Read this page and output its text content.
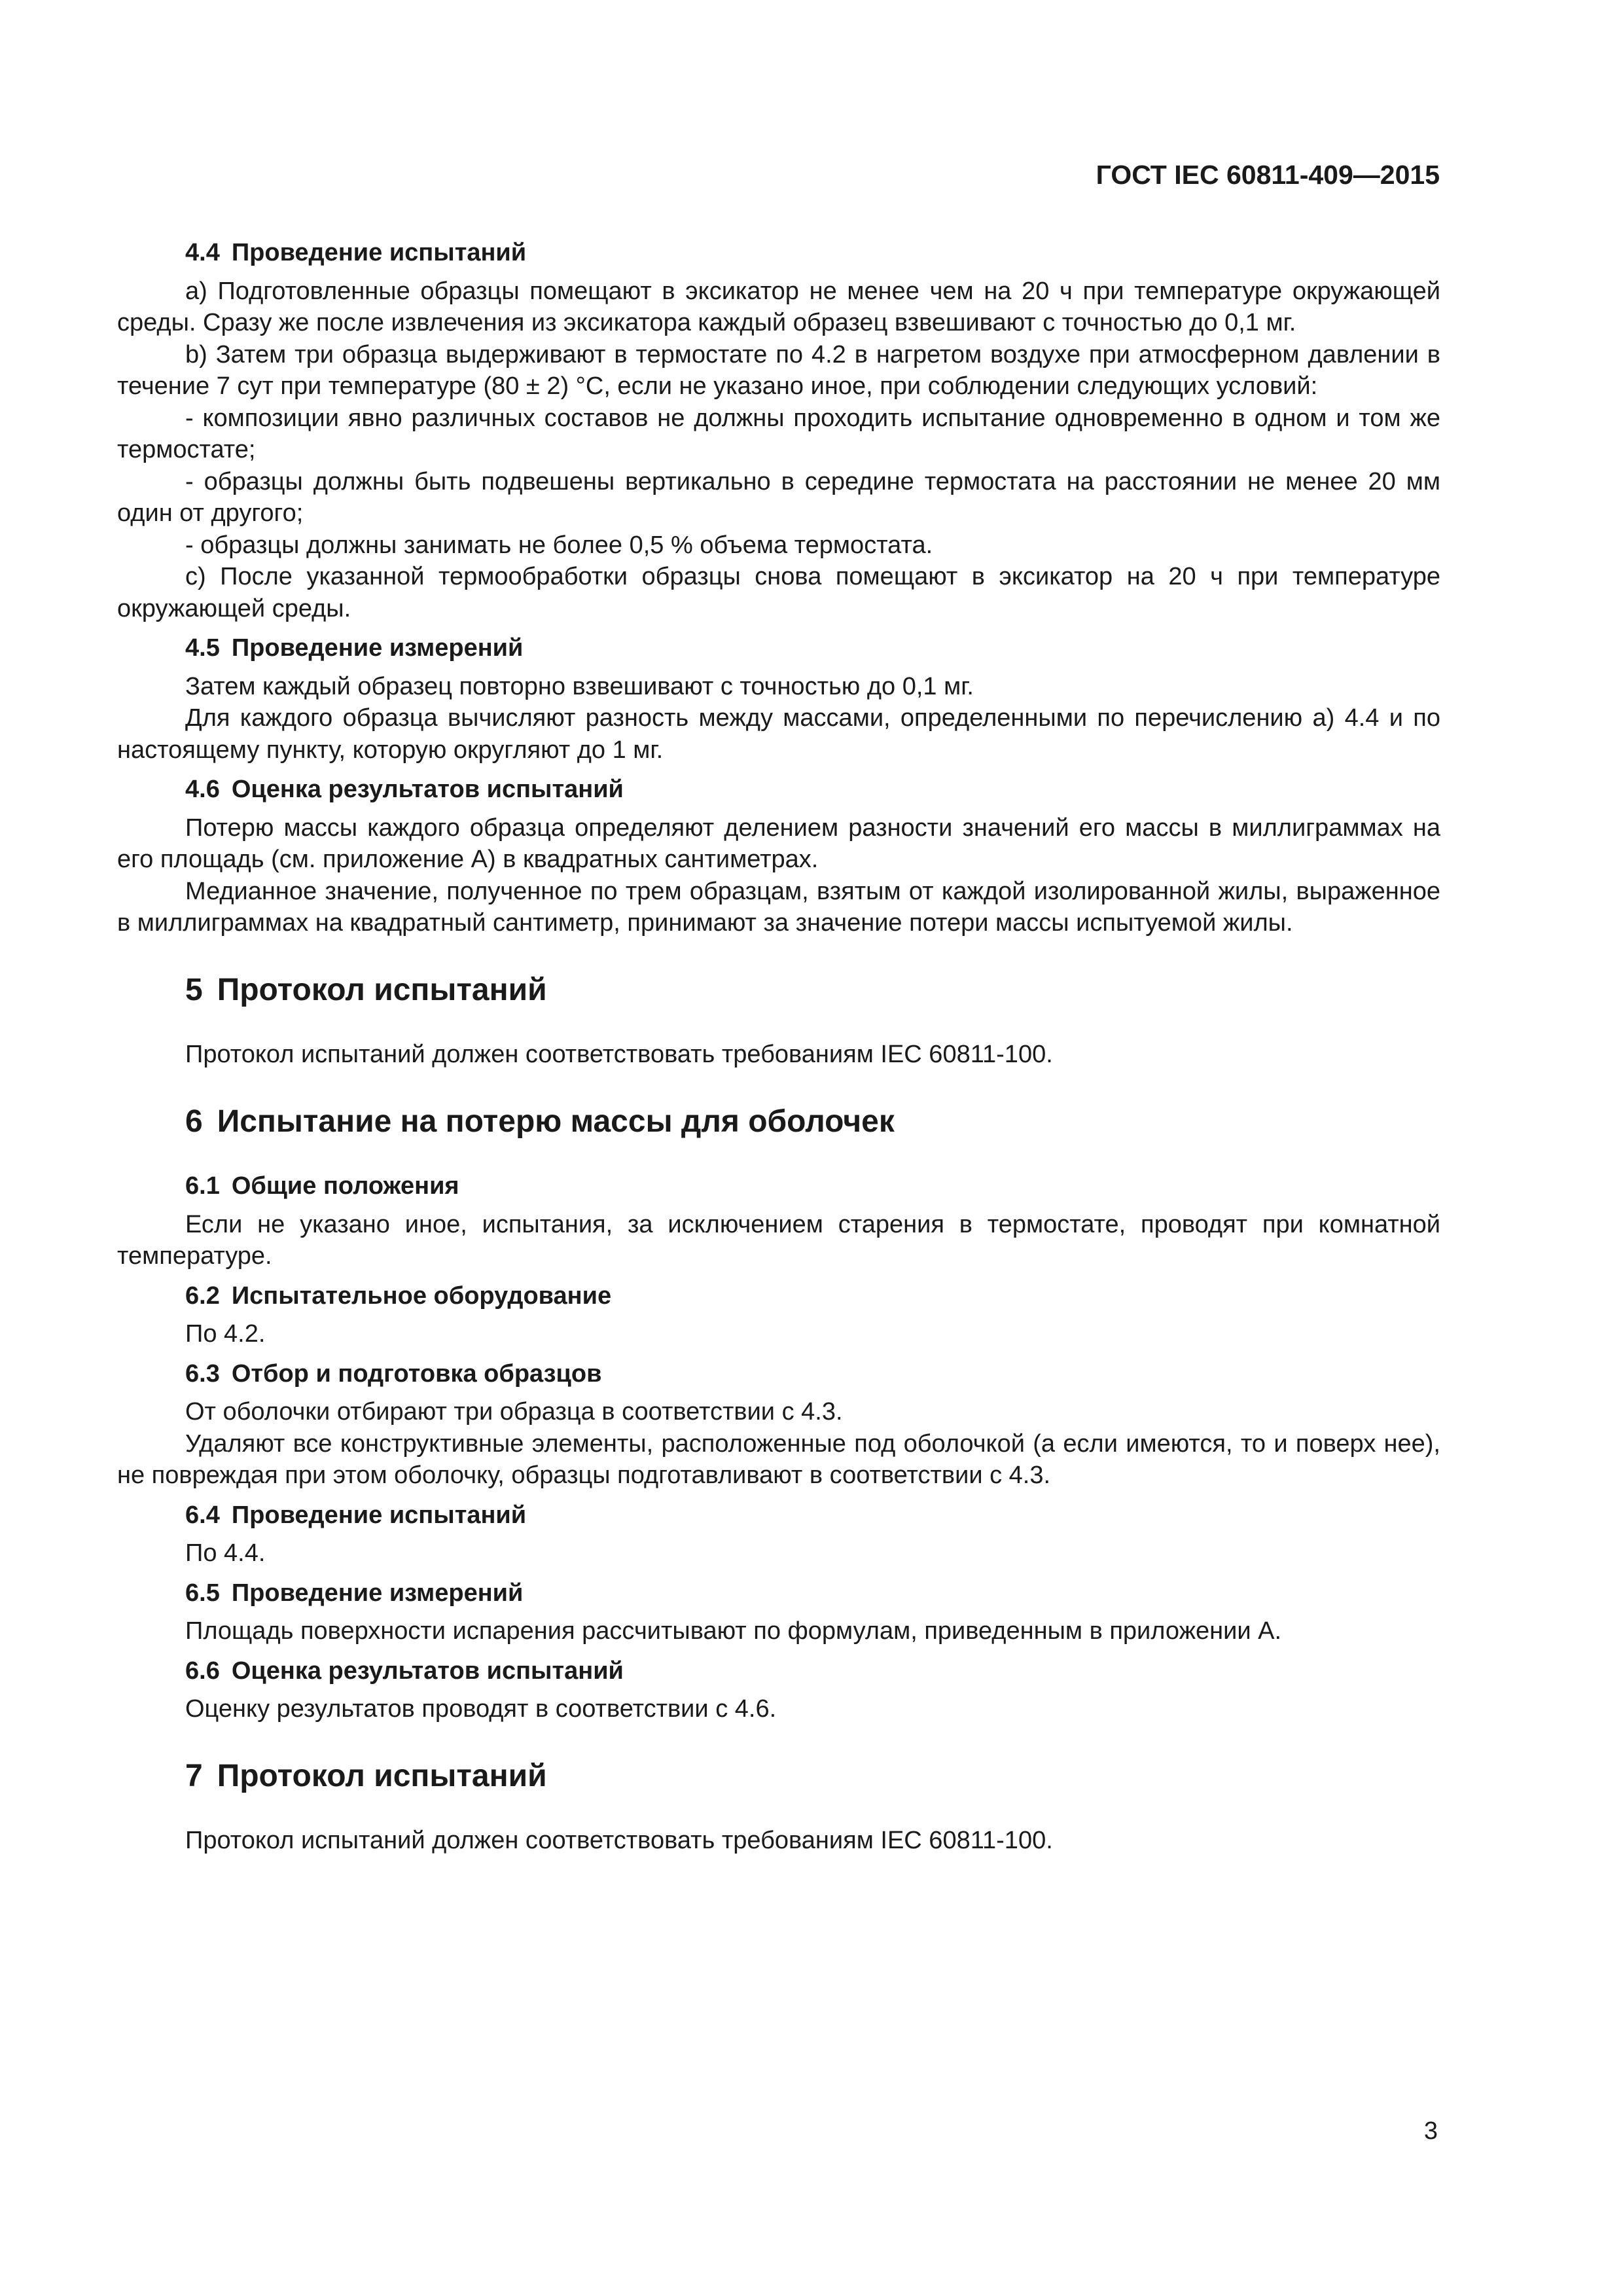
ГОСТ IEC 60811-409—2015
4.4 Проведение испытаний

a) Подготовленные образцы помещают в эксикатор не менее чем на 20 ч при температуре окружающей среды. Сразу же после извлечения из эксикатора каждый образец взвешивают с точностью до 0,1 мг.

b) Затем три образца выдерживают в термостате по 4.2 в нагретом воздухе при атмосферном давлении в течение 7 сут при температуре (80 ± 2) °С, если не указано иное, при соблюдении следующих условий:

- композиции явно различных составов не должны проходить испытание одновременно в одном и том же термостате;

- образцы должны быть подвешены вертикально в середине термостата на расстоянии не менее 20 мм один от другого;

- образцы должны занимать не более 0,5 % объема термостата.

c) После указанной термообработки образцы снова помещают в эксикатор на 20 ч при температуре окружающей среды.

4.5 Проведение измерений

Затем каждый образец повторно взвешивают с точностью до 0,1 мг.

Для каждого образца вычисляют разность между массами, определенными по перечислению а) 4.4 и по настоящему пункту, которую округляют до 1 мг.

4.6 Оценка результатов испытаний

Потерю массы каждого образца определяют делением разности значений его массы в миллиграммах на его площадь (см. приложение А) в квадратных сантиметрах.

Медианное значение, полученное по трем образцам, взятым от каждой изолированной жилы, выраженное в миллиграммах на квадратный сантиметр, принимают за значение потери массы испытуемой жилы.

5 Протокол испытаний

Протокол испытаний должен соответствовать требованиям IEC 60811-100.

6 Испытание на потерю массы для оболочек
6.1 Общие положения

Если не указано иное, испытания, за исключением старения в термостате, проводят при комнатной температуре.

6.2 Испытательное оборудование

По 4.2.

6.3 Отбор и подготовка образцов

От оболочки отбирают три образца в соответствии с 4.3.

Удаляют все конструктивные элементы, расположенные под оболочкой (а если имеются, то и поверх нее), не повреждая при этом оболочку, образцы подготавливают в соответствии с 4.3.

6.4 Проведение испытаний

По 4.4.

6.5 Проведение измерений

Площадь поверхности испарения рассчитывают по формулам, приведенным в приложении А.

6.6 Оценка результатов испытаний

Оценку результатов проводят в соответствии с 4.6.

7 Протокол испытаний

Протокол испытаний должен соответствовать требованиям IEC 60811-100.

3
